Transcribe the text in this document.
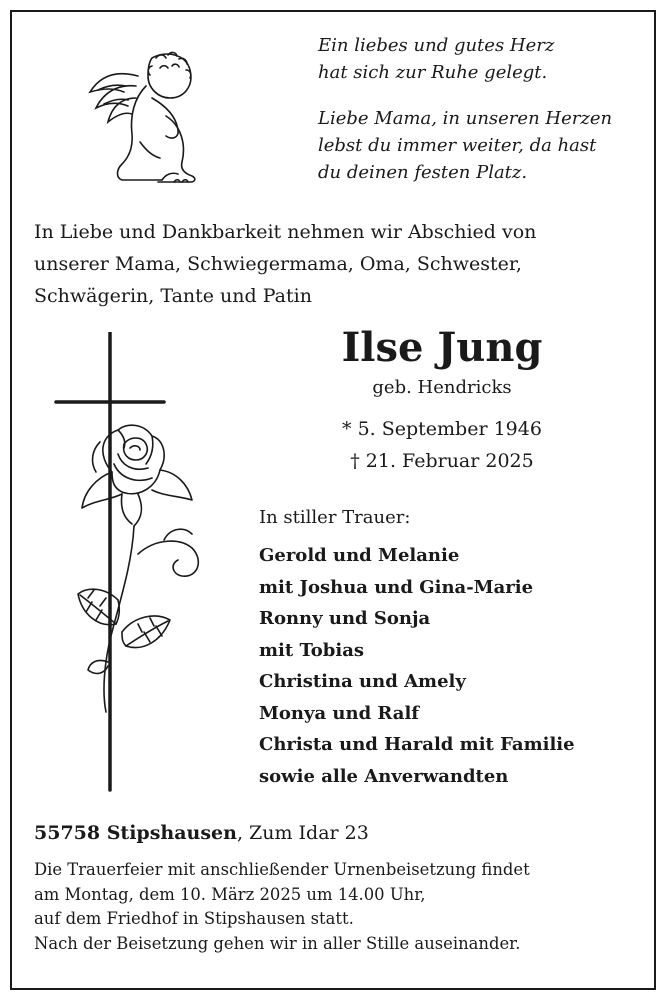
Ein liebes und gutes Herz
hat sich zur Ruhe gelegt.
Liebe Mama, in unseren Herzen
lebst du immer weiter, da hast
du deinen festen Platz.
In Liebe und Dankbarkeit nehmen wir Abschied von
unserer Mama, Schwiegermama, Oma, Schwester,
Schwägerin, Tante und Patin
Ilse Jung
geb. Hendricks
* 5. September 1946
† 21. Februar 2025
In stiller Trauer:
Gerold und Melanie
mit Joshua und Gina-Marie
Ronny und Sonja
mit Tobias
Christina und Amely
Monya und Ralf
Christa und Harald mit Familie
sowie alle Anverwandten
55758 Stipshausen, Zum Idar 23
Die Trauerfeier mit anschließender Urnenbeisetzung findet
am Montag, dem 10. März 2025 um 14.00 Uhr,
auf dem Friedhof in Stipshausen statt.
Nach der Beisetzung gehen wir in aller Stille auseinander.
